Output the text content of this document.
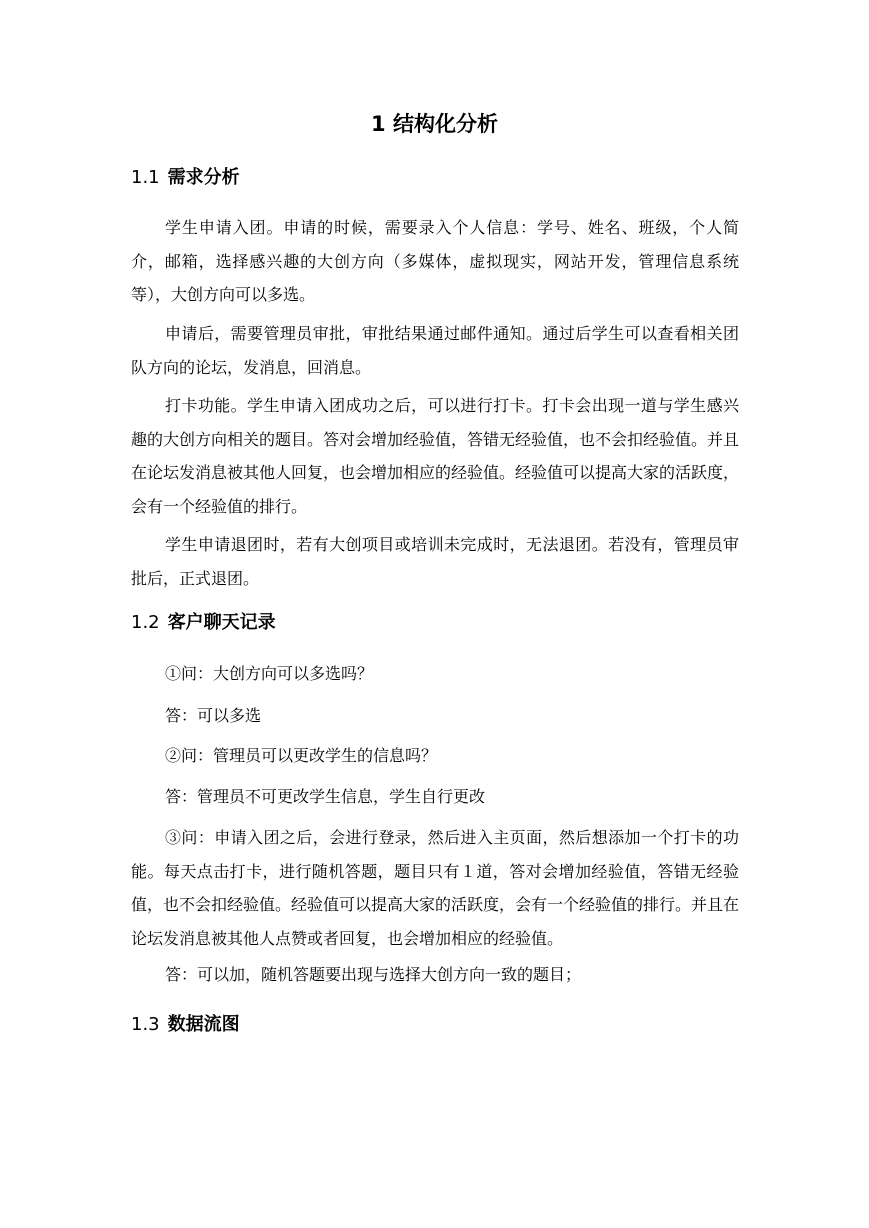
1 结构化分析
1.1 需求分析

学生申请入团。申请的时候，需要录入个人信息：学号、姓名、班级，个人简介，邮箱，选择感兴趣的大创方向（多媒体，虚拟现实，网站开发，管理信息系统等），大创方向可以多选。

申请后，需要管理员审批，审批结果通过邮件通知。通过后学生可以查看相关团队方向的论坛，发消息，回消息。

打卡功能。学生申请入团成功之后，可以进行打卡。打卡会出现一道与学生感兴趣的大创方向相关的题目。答对会增加经验值，答错无经验值，也不会扣经验值。并且在论坛发消息被其他人回复，也会增加相应的经验值。经验值可以提高大家的活跃度，会有一个经验值的排行。

学生申请退团时，若有大创项目或培训未完成时，无法退团。若没有，管理员审批后，正式退团。

1.2 客户聊天记录

①问：大创方向可以多选吗？

答：可以多选

②问：管理员可以更改学生的信息吗？

答：管理员不可更改学生信息，学生自行更改

③问：申请入团之后，会进行登录，然后进入主页面，然后想添加一个打卡的功能。每天点击打卡，进行随机答题，题目只有１道，答对会增加经验值，答错无经验值，也不会扣经验值。经验值可以提高大家的活跃度，会有一个经验值的排行。并且在论坛发消息被其他人点赞或者回复，也会增加相应的经验值。

答：可以加，随机答题要出现与选择大创方向一致的题目；

1.3 数据流图
